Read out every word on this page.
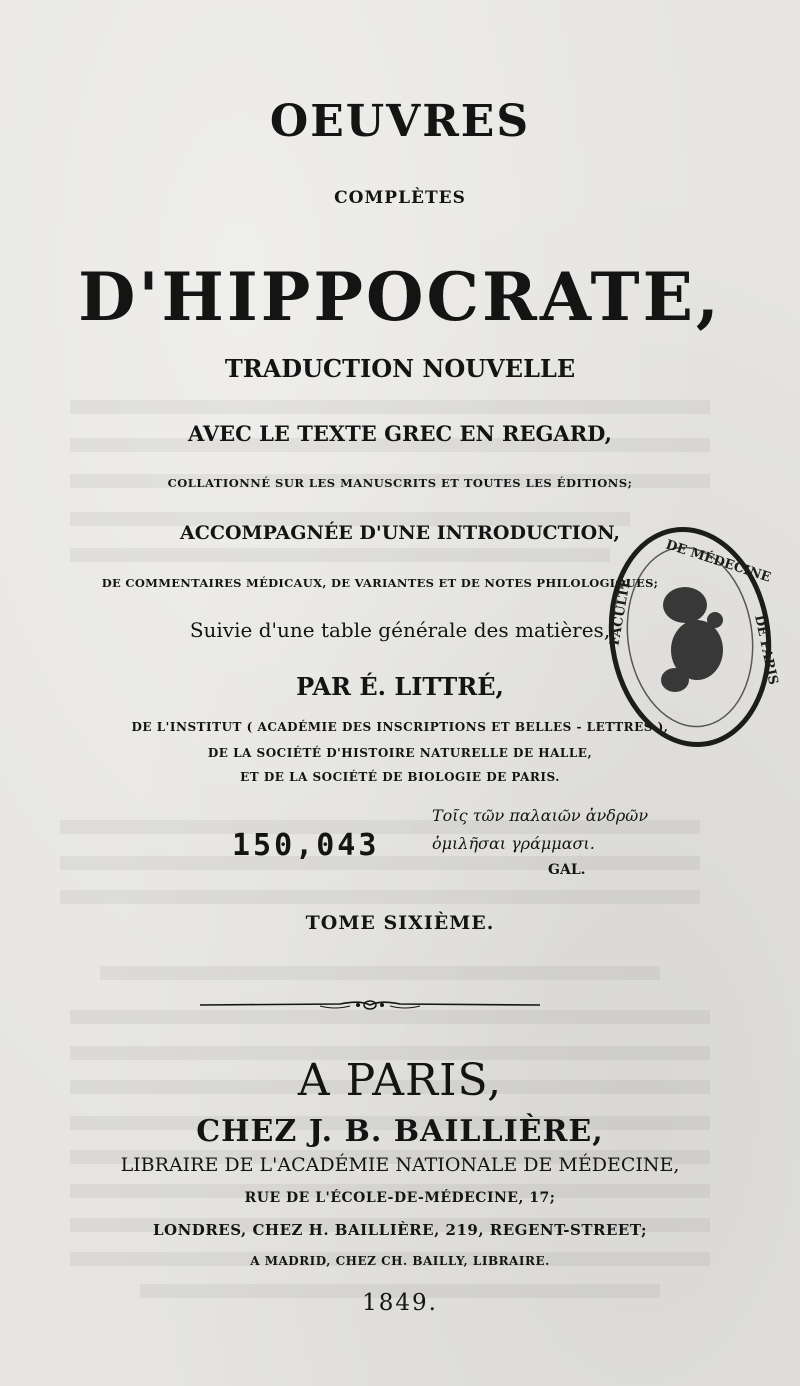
OEUVRES
COMPLÈTES
D'HIPPOCRATE,
TRADUCTION NOUVELLE
AVEC LE TEXTE GREC EN REGARD,
COLLATIONNÉ SUR LES MANUSCRITS ET TOUTES LES ÉDITIONS;
ACCOMPAGNÉE D'UNE INTRODUCTION,
DE COMMENTAIRES MÉDICAUX, DE VARIANTES ET DE NOTES PHILOLOGIQUES;
Suivie d'une table générale des matières,
PAR É. LITTRÉ,
DE L'INSTITUT ( ACADÉMIE DES INSCRIPTIONS ET BELLES - LETTRES ),
DE LA SOCIÉTÉ D'HISTOIRE NATURELLE DE HALLE,
ET DE LA SOCIÉTÉ DE BIOLOGIE DE PARIS.
150,043
Τοῖς τῶν παλαιῶν ἀνδρῶν
ὁμιλῆσαι γράμμασι.
GAL.
TOME SIXIÈME.
A PARIS,
CHEZ J. B. BAILLIÈRE,
LIBRAIRE DE L'ACADÉMIE NATIONALE DE MÉDECINE,
RUE DE L'ÉCOLE-DE-MÉDECINE, 17;
LONDRES, CHEZ H. BAILLIÈRE, 219, REGENT-STREET;
A MADRID, CHEZ CH. BAILLY, LIBRAIRE.
1849.
FACULTÉ
DE MÉDECINE
DE PARIS
